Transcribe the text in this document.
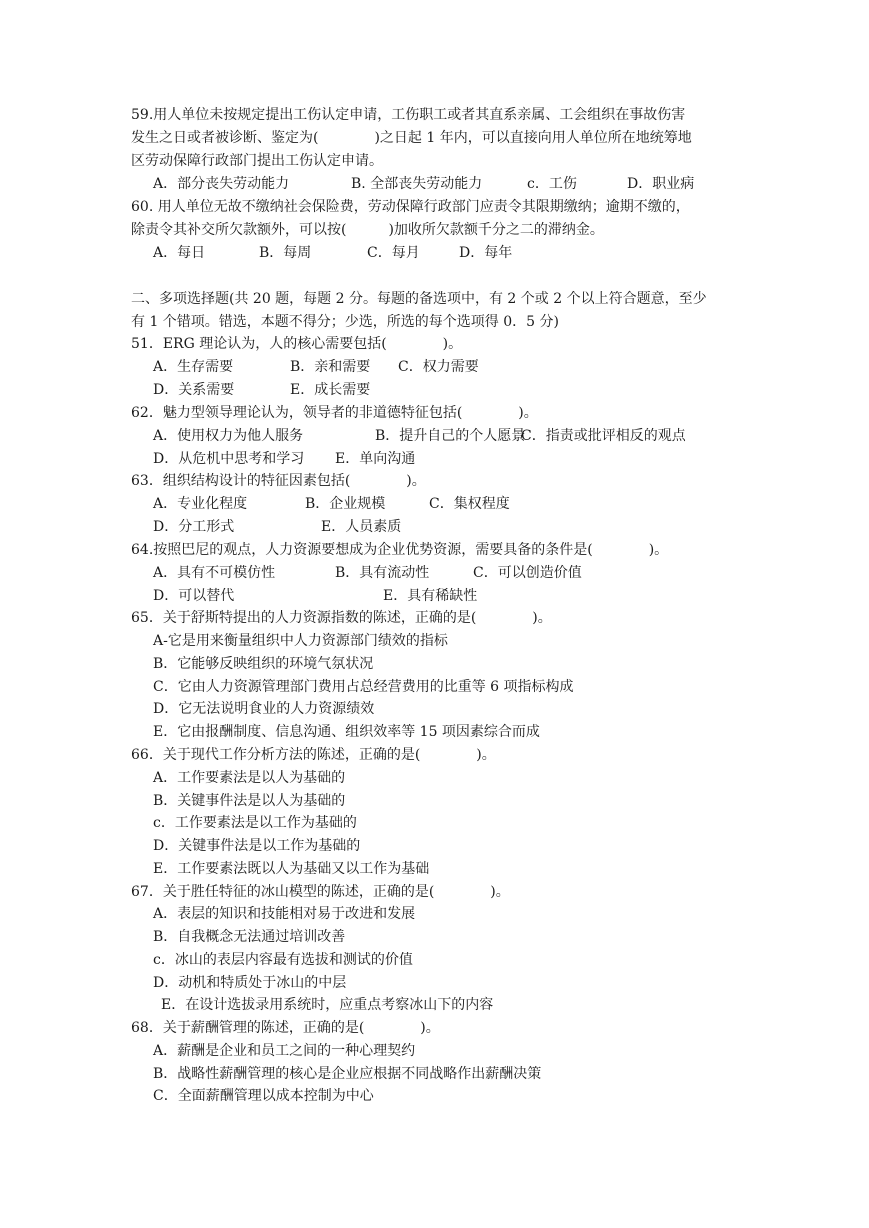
59.用人单位未按规定提出工伤认定申请，工伤职工或者其直系亲属、工会组织在事故伤害
发生之日或者被诊断、鉴定为(　　　　)之日起 1 年内，可以直接向用人单位所在地统筹地
区劳动保障行政部门提出工伤认定申请。
A．部分丧失劳动能力	B. 全部丧失劳动能力	c．工伤	D．职业病
60. 用人单位无故不缴纳社会保险费，劳动保障行政部门应责令其限期缴纳；逾期不缴的，
除责令其补交所欠款额外，可以按(　　　)加收所欠款额千分之二的滞纳金。
A．每日	B．每周	C．每月	D．每年
二、多项选择题(共 20 题，每题 2 分。每题的备选项中，有 2 个或 2 个以上符合题意，至少
有 1 个错项。错选，本题不得分；少选，所选的每个选项得 0．5 分)
51．ERG 理论认为，人的核心需要包括(　　　　)。
A．生存需要	B．亲和需要 C．权力需要
D．关系需要	E．成长需要
62．魅力型领导理论认为，领导者的非道德特征包括(　　　　)。
A．使用权力为他人服务	B．提升自己的个人愿景C．指责或批评相反的观点
D．从危机中思考和学习 E．单向沟通
63．组织结构设计的特征因素包括(　　　　)。
A．专业化程度	B．企业规模	C．集权程度
D．分工形式	E．人员素质
64.按照巴尼的观点，人力资源要想成为企业优势资源，需要具备的条件是(　　　　)。
A．具有不可模仿性	B．具有流动性	C．可以创造价值
D．可以替代	E．具有稀缺性
65．关于舒斯特提出的人力资源指数的陈述，正确的是(　　　　)。
A-它是用来衡量组织中人力资源部门绩效的指标
B．它能够反映组织的环境气氛状况
C．它由人力资源管理部门费用占总经营费用的比重等 6 项指标构成
D．它无法说明食业的人力资源绩效
E．它由报酬制度、信息沟通、组织效率等 15 项因素综合而成
66．关于现代工作分析方法的陈述，正确的是(　　　　)。
A．工作要素法是以人为基础的
B．关键事件法是以人为基础的
c．工作要素法是以工作为基础的
D．关键事件法是以工作为基础的
E．工作要素法既以人为基础又以工作为基础
67．关于胜任特征的冰山模型的陈述，正确的是(　　　　)。
A．表层的知识和技能相对易于改进和发展
B．自我概念无法通过培训改善
c．冰山的表层内容最有选拔和测试的价值
D．动机和特质处于冰山的中层
E．在设计选拔录用系统时，应重点考察冰山下的内容
68．关于薪酬管理的陈述，正确的是(　　　　)。
A．薪酬是企业和员工之间的一种心理契约
B．战略性薪酬管理的核心是企业应根据不同战略作出薪酬决策
C．全面薪酬管理以成本控制为中心
